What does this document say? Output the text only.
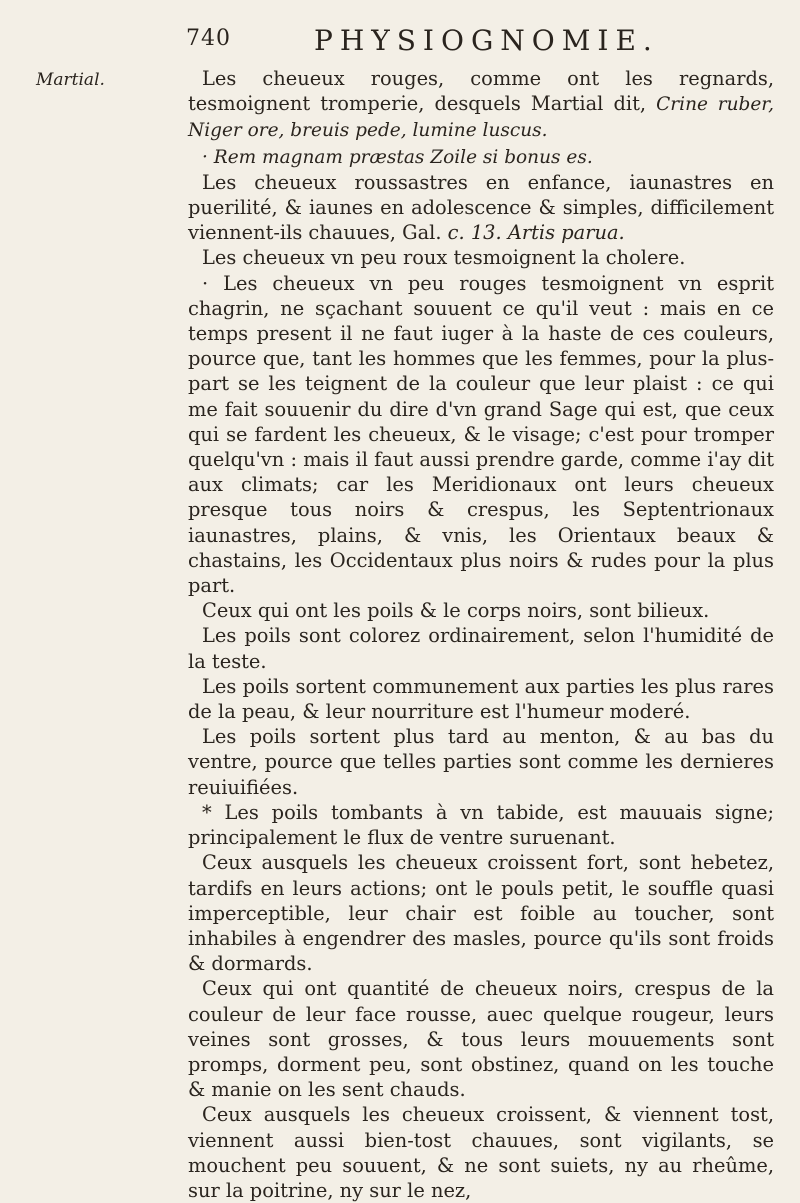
740	PHYSIOGNOMIE.
Martial.	Les cheueux rouges, comme ont les regnards, tesmoignent tromperie, desquels Martial dit, Crine ruber, Niger ore, breuis pede, lumine luscus.

· Rem magnam præstas Zoile si bonus es.

Les cheueux roussastres en enfance, iaunastres en puerilité, & iaunes en adolescence & simples, difficilement viennent-ils chauues, Gal. c. 13. Artis parua.

Les cheueux vn peu roux tesmoignent la cholere.

· Les cheueux vn peu rouges tesmoignent vn esprit chagrin, ne sçachant souuent ce qu'il veut : mais en ce temps present il ne faut iuger à la haste de ces couleurs, pource que, tant les hommes que les femmes, pour la plus-part se les teignent de la couleur que leur plaist : ce qui me fait souuenir du dire d'vn grand Sage qui est, que ceux qui se fardent les cheueux, & le visage; c'est pour tromper quelqu'vn : mais il faut aussi prendre garde, comme i'ay dit aux climats; car les Meridionaux ont leurs cheueux presque tous noirs & crespus, les Septentrionaux iaunastres, plains, & vnis, les Orientaux beaux & chastains, les Occidentaux plus noirs & rudes pour la plus part.

Ceux qui ont les poils & le corps noirs, sont bilieux.

Les poils sont colorez ordinairement, selon l'humidité de la teste.

Les poils sortent communement aux parties les plus rares de la peau, & leur nourriture est l'humeur moderé.

Les poils sortent plus tard au menton, & au bas du ventre, pource que telles parties sont comme les dernieres reuiuifiées.

* Les poils tombants à vn tabide, est mauuais signe; principalement le flux de ventre suruenant.

Ceux ausquels les cheueux croissent fort, sont hebetez, tardifs en leurs actions; ont le pouls petit, le souffle quasi imperceptible, leur chair est foible au toucher, sont inhabiles à engendrer des masles, pource qu'ils sont froids & dormards.

Ceux qui ont quantité de cheueux noirs, crespus de la couleur de leur face rousse, auec quelque rougeur, leurs veines sont grosses, & tous leurs mouuements sont promps, dorment peu, sont obstinez, quand on les touche & manie on les sent chauds.

Ceux ausquels les cheueux croissent, & viennent tost, viennent aussi bien-tost chauues, sont vigilants, se mouchent peu souuent, & ne sont suiets, ny au rheûme, sur la poitrine, ny sur le nez,
